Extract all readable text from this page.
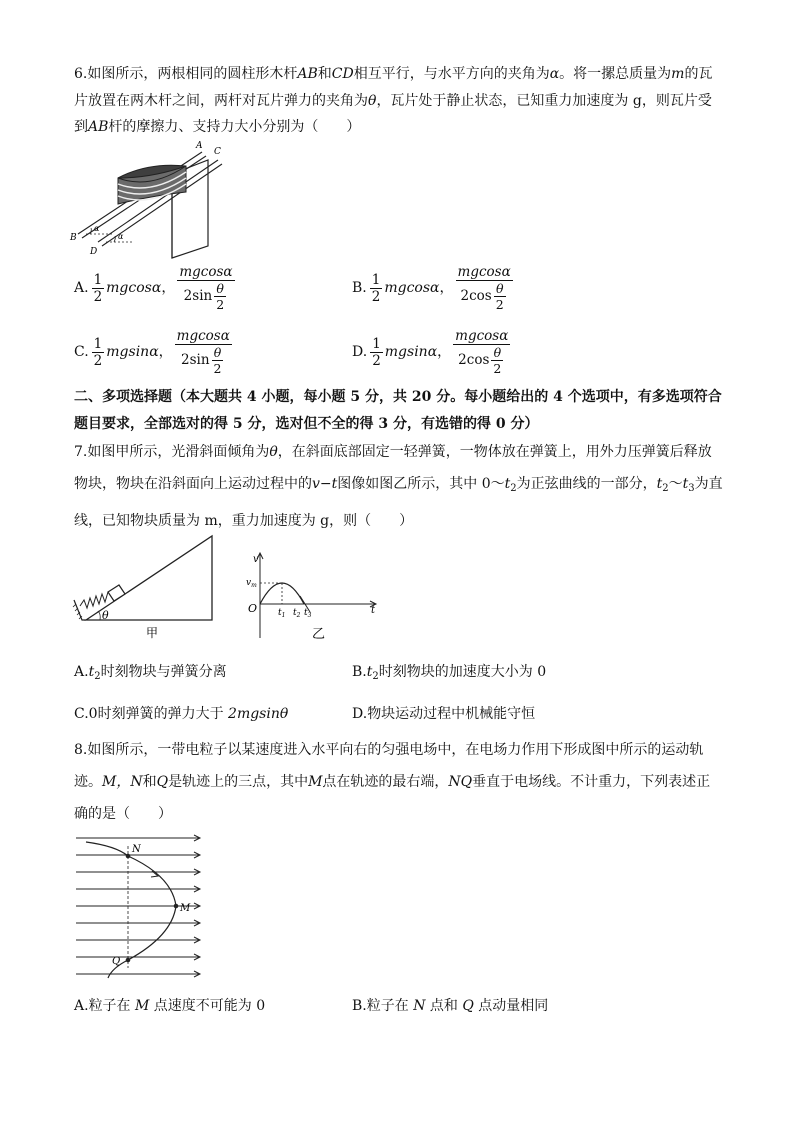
6.如图所示，两根相同的圆柱形木杆AB和CD相互平行，与水平方向的夹角为α。将一摞总质量为m的瓦片放置在两木杆之间，两杆对瓦片弹力的夹角为θ，瓦片处于静止状态，已知重力加速度为 g，则瓦片受到AB杆的摩擦力、支持力大小分别为（　　）

A
C
B
D
α
α
A. $\frac{1}{2}$ mgcosα， $\frac{mgcos\alpha}{2\sin \frac{\theta}{2}}$	B. $\frac{1}{2}$ mgcosα， $\frac{mgcos\alpha}{2\cos \frac{\theta}{2}}$
C. $\frac{1}{2}$ mgsinα， $\frac{mgcos\alpha}{2\sin \frac{\theta}{2}}$	D. $\frac{1}{2}$ mgsinα， $\frac{mgcos\alpha}{2\cos \frac{\theta}{2}}$

二、多项选择题（本大题共 4 小题，每小题 5 分，共 20 分。每小题给出的 4 个选项中，有多选项符合题目要求，全部选对的得 5 分，选对但不全的得 3 分，有选错的得 0 分）

7.如图甲所示，光滑斜面倾角为θ，在斜面底部固定一轻弹簧，一物体放在弹簧上，用外力压弹簧后释放物块，物块在沿斜面向上运动过程中的v−t图像如图乙所示，其中 $0\sim t_2$为正弦曲线的一部分，$t_2\sim t_3$为直线，已知物块质量为 m，重力加速度为 g，则（　　）

θ
甲
v
$v_m$
O $t_1$ $t_2$ $t_3$	t
乙
$A.t_2$时刻物块与弹簧分离	$B.t_2$时刻物块的加速度大小为 0
C.0时刻弹簧的弹力大于 2mgsinθ	D.物块运动过程中机械能守恒

8.如图所示，一带电粒子以某速度进入水平向右的匀强电场中，在电场力作用下形成图中所示的运动轨迹。M，N和Q是轨迹上的三点，其中M点在轨迹的最右端，NQ垂直于电场线。不计重力，下列表述正确的是（　　）

N
M
Q
A.粒子在 M 点速度不可能为 0	B.粒子在 N 点和 Q 点动量相同
